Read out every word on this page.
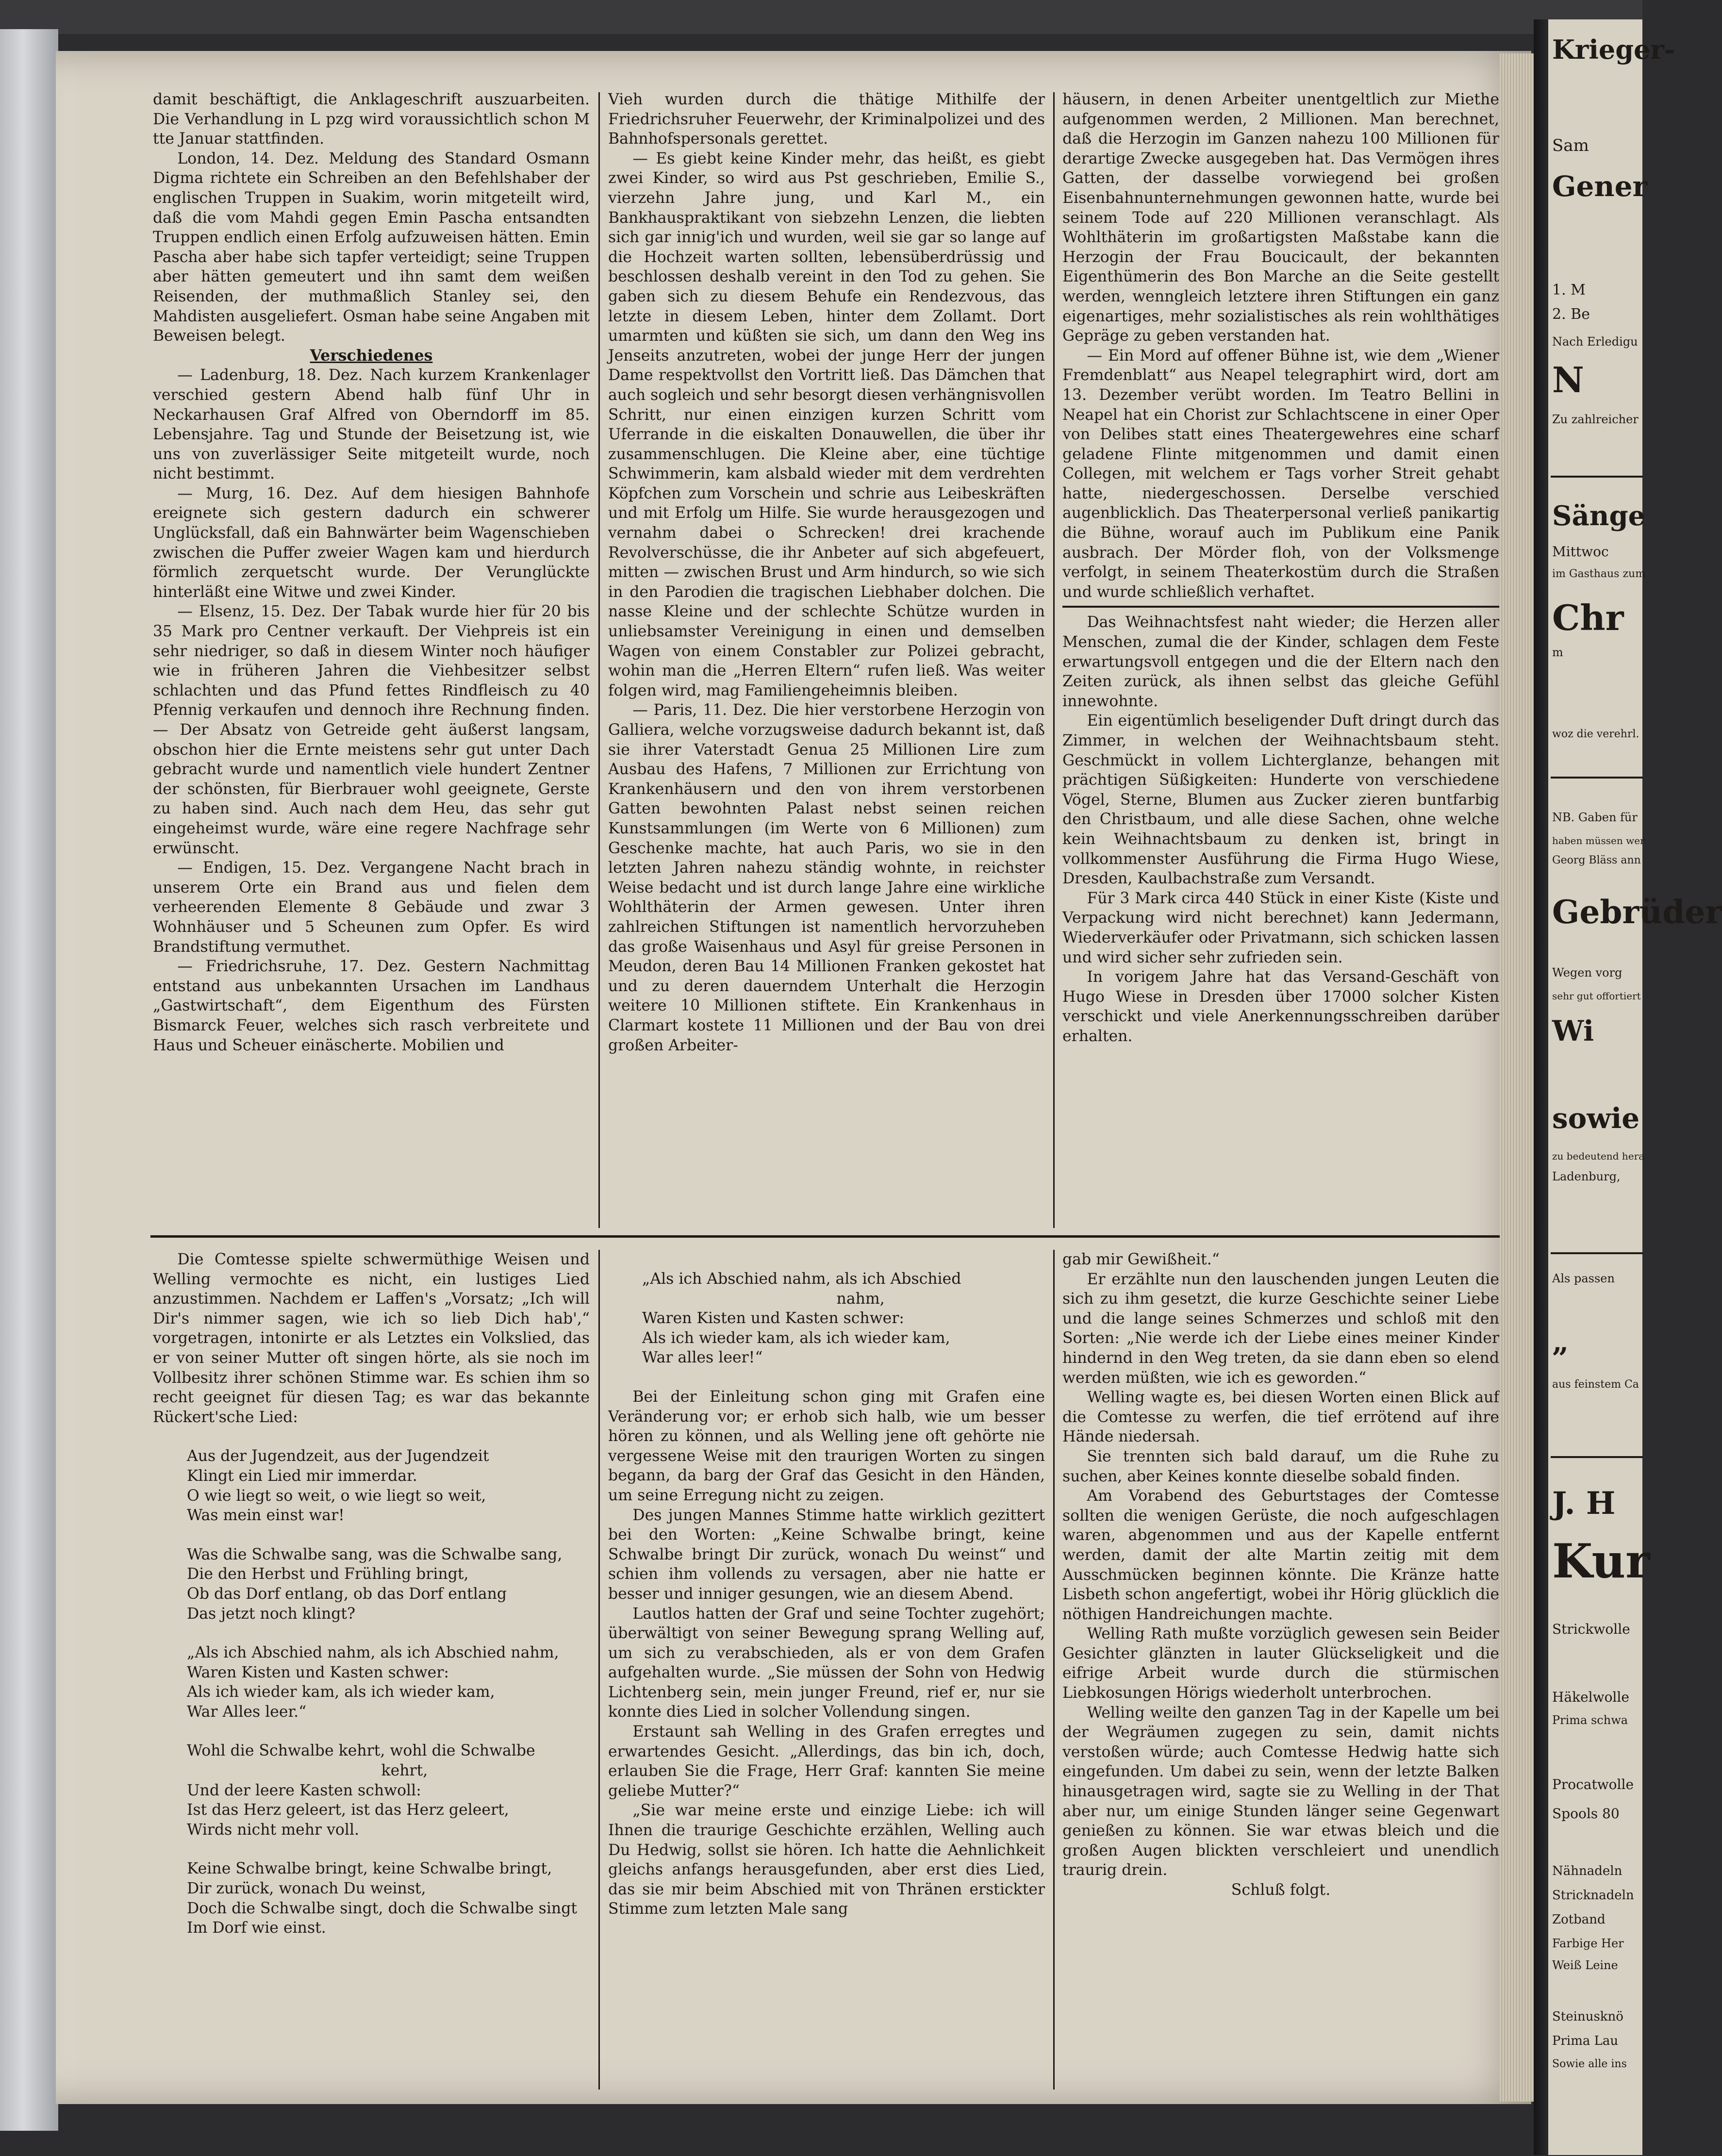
damit beschäftigt, die Anklageschrift auszuarbeiten. Die Verhandlung in L pzg wird voraussichtlich schon M tte Januar stattfinden.

London, 14. Dez. Meldung des Standard Osmann Digma richtete ein Schreiben an den Befehlshaber der englischen Truppen in Suakim, worin mitgeteilt wird, daß die vom Mahdi gegen Emin Pascha entsandten Truppen endlich einen Erfolg aufzuweisen hätten. Emin Pascha aber habe sich tapfer verteidigt; seine Truppen aber hätten gemeutert und ihn samt dem weißen Reisenden, der muthmaßlich Stanley sei, den Mahdisten ausgeliefert. Osman habe seine Angaben mit Beweisen belegt.

Verschiedenes

— Ladenburg, 18. Dez. Nach kurzem Krankenlager verschied gestern Abend halb fünf Uhr in Neckarhausen Graf Alfred von Oberndorff im 85. Lebensjahre. Tag und Stunde der Beisetzung ist, wie uns von zuverlässiger Seite mitgeteilt wurde, noch nicht bestimmt.

— Murg, 16. Dez. Auf dem hiesigen Bahnhofe ereignete sich gestern dadurch ein schwerer Unglücksfall, daß ein Bahnwärter beim Wagenschieben zwischen die Puffer zweier Wagen kam und hierdurch förmlich zerquetscht wurde. Der Verunglückte hinterläßt eine Witwe und zwei Kinder.

— Elsenz, 15. Dez. Der Tabak wurde hier für 20 bis 35 Mark pro Centner verkauft. Der Viehpreis ist ein sehr niedriger, so daß in diesem Winter noch häufiger wie in früheren Jahren die Viehbesitzer selbst schlachten und das Pfund fettes Rindfleisch zu 40 Pfennig verkaufen und dennoch ihre Rechnung finden. — Der Absatz von Getreide geht äußerst langsam, obschon hier die Ernte meistens sehr gut unter Dach gebracht wurde und namentlich viele hundert Zentner der schönsten, für Bierbrauer wohl geeignete, Gerste zu haben sind. Auch nach dem Heu, das sehr gut eingeheimst wurde, wäre eine regere Nachfrage sehr erwünscht.

— Endigen, 15. Dez. Vergangene Nacht brach in unserem Orte ein Brand aus und fielen dem verheerenden Elemente 8 Gebäude und zwar 3 Wohnhäuser und 5 Scheunen zum Opfer. Es wird Brandstiftung vermuthet.

— Friedrichsruhe, 17. Dez. Gestern Nachmittag entstand aus unbekannten Ursachen im Landhaus „Gastwirtschaft“, dem Eigenthum des Fürsten Bismarck Feuer, welches sich rasch verbreitete und Haus und Scheuer einäscherte. Mobilien und

Vieh wurden durch die thätige Mithilfe der Friedrichsruher Feuerwehr, der Kriminalpolizei und des Bahnhofspersonals gerettet.

— Es giebt keine Kinder mehr, das heißt, es giebt zwei Kinder, so wird aus Pst geschrieben, Emilie S., vierzehn Jahre jung, und Karl M., ein Bankhauspraktikant von siebzehn Lenzen, die liebten sich gar innig'ich und wurden, weil sie gar so lange auf die Hochzeit warten sollten, lebensüberdrüssig und beschlossen deshalb vereint in den Tod zu gehen. Sie gaben sich zu diesem Behufe ein Rendezvous, das letzte in diesem Leben, hinter dem Zollamt. Dort umarmten und küßten sie sich, um dann den Weg ins Jenseits anzutreten, wobei der junge Herr der jungen Dame respektvollst den Vortritt ließ. Das Dämchen that auch sogleich und sehr besorgt diesen verhängnisvollen Schritt, nur einen einzigen kurzen Schritt vom Uferrande in die eiskalten Donauwellen, die über ihr zusammenschlugen. Die Kleine aber, eine tüchtige Schwimmerin, kam alsbald wieder mit dem verdrehten Köpfchen zum Vorschein und schrie aus Leibeskräften und mit Erfolg um Hilfe. Sie wurde herausgezogen und vernahm dabei o Schrecken! drei krachende Revolverschüsse, die ihr Anbeter auf sich abgefeuert, mitten — zwischen Brust und Arm hindurch, so wie sich in den Parodien die tragischen Liebhaber dolchen. Die nasse Kleine und der schlechte Schütze wurden in unliebsamster Vereinigung in einen und demselben Wagen von einem Constabler zur Polizei gebracht, wohin man die „Herren Eltern“ rufen ließ. Was weiter folgen wird, mag Familiengeheimnis bleiben.

— Paris, 11. Dez. Die hier verstorbene Herzogin von Galliera, welche vorzugsweise dadurch bekannt ist, daß sie ihrer Vaterstadt Genua 25 Millionen Lire zum Ausbau des Hafens, 7 Millionen zur Errichtung von Krankenhäusern und den von ihrem verstorbenen Gatten bewohnten Palast nebst seinen reichen Kunstsammlungen (im Werte von 6 Millionen) zum Geschenke machte, hat auch Paris, wo sie in den letzten Jahren nahezu ständig wohnte, in reichster Weise bedacht und ist durch lange Jahre eine wirkliche Wohlthäterin der Armen gewesen. Unter ihren zahlreichen Stiftungen ist namentlich hervorzuheben das große Waisenhaus und Asyl für greise Personen in Meudon, deren Bau 14 Millionen Franken gekostet hat und zu deren dauerndem Unterhalt die Herzogin weitere 10 Millionen stiftete. Ein Krankenhaus in Clarmart kostete 11 Millionen und der Bau von drei großen Arbeiter-

häusern, in denen Arbeiter unentgeltlich zur Miethe aufgenommen werden, 2 Millionen. Man berechnet, daß die Herzogin im Ganzen nahezu 100 Millionen für derartige Zwecke ausgegeben hat. Das Vermögen ihres Gatten, der dasselbe vorwiegend bei großen Eisenbahnunternehmungen gewonnen hatte, wurde bei seinem Tode auf 220 Millionen veranschlagt. Als Wohlthäterin im großartigsten Maßstabe kann die Herzogin der Frau Boucicault, der bekannten Eigenthümerin des Bon Marche an die Seite gestellt werden, wenngleich letztere ihren Stiftungen ein ganz eigenartiges, mehr sozialistisches als rein wohlthätiges Gepräge zu geben verstanden hat.

— Ein Mord auf offener Bühne ist, wie dem „Wiener Fremdenblatt“ aus Neapel telegraphirt wird, dort am 13. Dezember verübt worden. Im Teatro Bellini in Neapel hat ein Chorist zur Schlachtscene in einer Oper von Delibes statt eines Theatergewehres eine scharf geladene Flinte mitgenommen und damit einen Collegen, mit welchem er Tags vorher Streit gehabt hatte, niedergeschossen. Derselbe verschied augenblicklich. Das Theaterpersonal verließ panikartig die Bühne, worauf auch im Publikum eine Panik ausbrach. Der Mörder floh, von der Volksmenge verfolgt, in seinem Theaterkostüm durch die Straßen und wurde schließlich verhaftet.

Das Weihnachtsfest naht wieder; die Herzen aller Menschen, zumal die der Kinder, schlagen dem Feste erwartungsvoll entgegen und die der Eltern nach den Zeiten zurück, als ihnen selbst das gleiche Gefühl innewohnte.

Ein eigentümlich beseligender Duft dringt durch das Zimmer, in welchen der Weihnachtsbaum steht. Geschmückt in vollem Lichterglanze, behangen mit prächtigen Süßigkeiten: Hunderte von verschiedene Vögel, Sterne, Blumen aus Zucker zieren buntfarbig den Christbaum, und alle diese Sachen, ohne welche kein Weihnachtsbaum zu denken ist, bringt in vollkommenster Ausführung die Firma Hugo Wiese, Dresden, Kaulbachstraße zum Versandt.

Für 3 Mark circa 440 Stück in einer Kiste (Kiste und Verpackung wird nicht berechnet) kann Jedermann, Wiederverkäufer oder Privatmann, sich schicken lassen und wird sicher sehr zufrieden sein.

In vorigem Jahre hat das Versand-Geschäft von Hugo Wiese in Dresden über 17000 solcher Kisten verschickt und viele Anerkennungsschreiben darüber erhalten.

Die Comtesse spielte schwermüthige Weisen und Welling vermochte es nicht, ein lustiges Lied anzustimmen. Nachdem er Laffen's „Vorsatz; „Ich will Dir's nimmer sagen, wie ich so lieb Dich hab',“ vorgetragen, intonirte er als Letztes ein Volkslied, das er von seiner Mutter oft singen hörte, als sie noch im Vollbesitz ihrer schönen Stimme war. Es schien ihm so recht geeignet für diesen Tag; es war das bekannte Rückert'sche Lied:

Aus der Jugendzeit, aus der Jugendzeit
Klingt ein Lied mir immerdar.
O wie liegt so weit, o wie liegt so weit,
Was mein einst war!

Was die Schwalbe sang, was die Schwalbe sang,
Die den Herbst und Frühling bringt,
Ob das Dorf entlang, ob das Dorf entlang
Das jetzt noch klingt?

„Als ich Abschied nahm, als ich Abschied nahm,
Waren Kisten und Kasten schwer:
Als ich wieder kam, als ich wieder kam,
War Alles leer.“

Wohl die Schwalbe kehrt, wohl die Schwalbe
kehrt,
Und der leere Kasten schwoll:
Ist das Herz geleert, ist das Herz geleert,
Wirds nicht mehr voll.

Keine Schwalbe bringt, keine Schwalbe bringt,
Dir zurück, wonach Du weinst,
Doch die Schwalbe singt, doch die Schwalbe singt
Im Dorf wie einst.

„Als ich Abschied nahm, als ich Abschied
nahm,
Waren Kisten und Kasten schwer:
Als ich wieder kam, als ich wieder kam,
War alles leer!“

Bei der Einleitung schon ging mit Grafen eine Veränderung vor; er erhob sich halb, wie um besser hören zu können, und als Welling jene oft gehörte nie vergessene Weise mit den traurigen Worten zu singen begann, da barg der Graf das Gesicht in den Händen, um seine Erregung nicht zu zeigen.

Des jungen Mannes Stimme hatte wirklich gezittert bei den Worten: „Keine Schwalbe bringt, keine Schwalbe bringt Dir zurück, wonach Du weinst“ und schien ihm vollends zu versagen, aber nie hatte er besser und inniger gesungen, wie an diesem Abend.

Lautlos hatten der Graf und seine Tochter zugehört; überwältigt von seiner Bewegung sprang Welling auf, um sich zu verabschieden, als er von dem Grafen aufgehalten wurde. „Sie müssen der Sohn von Hedwig Lichtenberg sein, mein junger Freund, rief er, nur sie konnte dies Lied in solcher Vollendung singen.

Erstaunt sah Welling in des Grafen erregtes und erwartendes Gesicht. „Allerdings, das bin ich, doch, erlauben Sie die Frage, Herr Graf: kannten Sie meine geliebe Mutter?“

„Sie war meine erste und einzige Liebe: ich will Ihnen die traurige Geschichte erzählen, Welling auch Du Hedwig, sollst sie hören. Ich hatte die Aehnlichkeit gleichs anfangs herausgefunden, aber erst dies Lied, das sie mir beim Abschied mit von Thränen erstickter Stimme zum letzten Male sang

gab mir Gewißheit.“

Er erzählte nun den lauschenden jungen Leuten die sich zu ihm gesetzt, die kurze Geschichte seiner Liebe und die lange seines Schmerzes und schloß mit den Sorten: „Nie werde ich der Liebe eines meiner Kinder hindernd in den Weg treten, da sie dann eben so elend werden müßten, wie ich es geworden.“

Welling wagte es, bei diesen Worten einen Blick auf die Comtesse zu werfen, die tief errötend auf ihre Hände niedersah.

Sie trennten sich bald darauf, um die Ruhe zu suchen, aber Keines konnte dieselbe sobald finden.

Am Vorabend des Geburtstages der Comtesse sollten die wenigen Gerüste, die noch aufgeschlagen waren, abgenommen und aus der Kapelle entfernt werden, damit der alte Martin zeitig mit dem Ausschmücken beginnen könnte. Die Kränze hatte Lisbeth schon angefertigt, wobei ihr Hörig glücklich die nöthigen Handreichungen machte.

Welling Rath mußte vorzüglich gewesen sein Beider Gesichter glänzten in lauter Glückseligkeit und die eifrige Arbeit wurde durch die stürmischen Liebkosungen Hörigs wiederholt unterbrochen.

Welling weilte den ganzen Tag in der Kapelle um bei der Wegräumen zugegen zu sein, damit nichts verstoßen würde; auch Comtesse Hedwig hatte sich eingefunden. Um dabei zu sein, wenn der letzte Balken hinausgetragen wird, sagte sie zu Welling in der That aber nur, um einige Stunden länger seine Gegenwart genießen zu können. Sie war etwas bleich und die großen Augen blickten verschleiert und unendlich traurig drein.

Schluß folgt.

Krieger-
Sam
Gener
1. M
2. Be
Nach Erledigu
N
Zu zahlreicher
Sänge
Mittwoc
im Gasthaus zum
Chr
m
woz die verehrl.
NB. Gaben für
haben müssen wer
Georg Bläss ann
Gebrüder
Wegen vorg
sehr gut offortiert
Wi
sowie
zu bedeutend hera
Ladenburg,
Als passen
„
aus feinstem Ca
J. H
Kur
Strickwolle
Häkelwolle
Prima schwa
Procatwolle
Spools 80
Nähnadeln
Stricknadeln
Zotband
Farbige Her
Weiß Leine
Steinusknö
Prima Lau
Sowie alle ins
